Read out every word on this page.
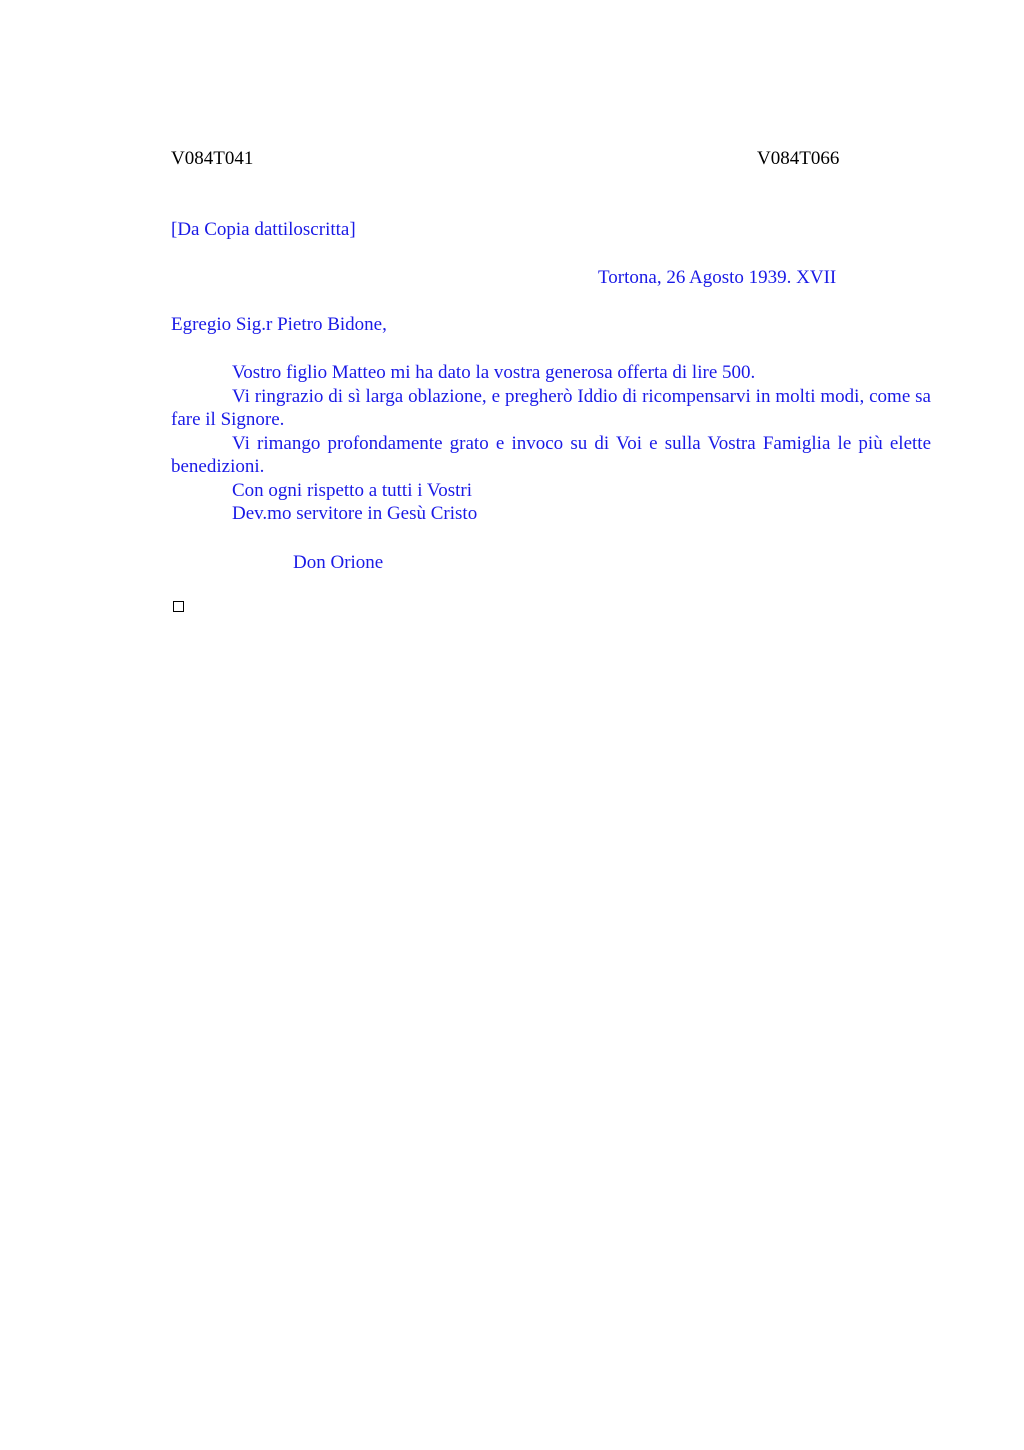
V084T041	V084T066
[Da Copia dattiloscritta]
Tortona, 26 Agosto 1939. XVII
Egregio Sig.r Pietro Bidone,

Vostro figlio Matteo mi ha dato la vostra generosa offerta di lire 500.

Vi ringrazio di sì larga oblazione, e pregherò Iddio di ricompensarvi in molti modi, come sa fare il Signore.

Vi rimango profondamente grato e invoco su di Voi e sulla Vostra Famiglia le più elette benedizioni.

Con ogni rispetto a tutti i Vostri

Dev.mo servitore in Gesù Cristo

Don Orione
